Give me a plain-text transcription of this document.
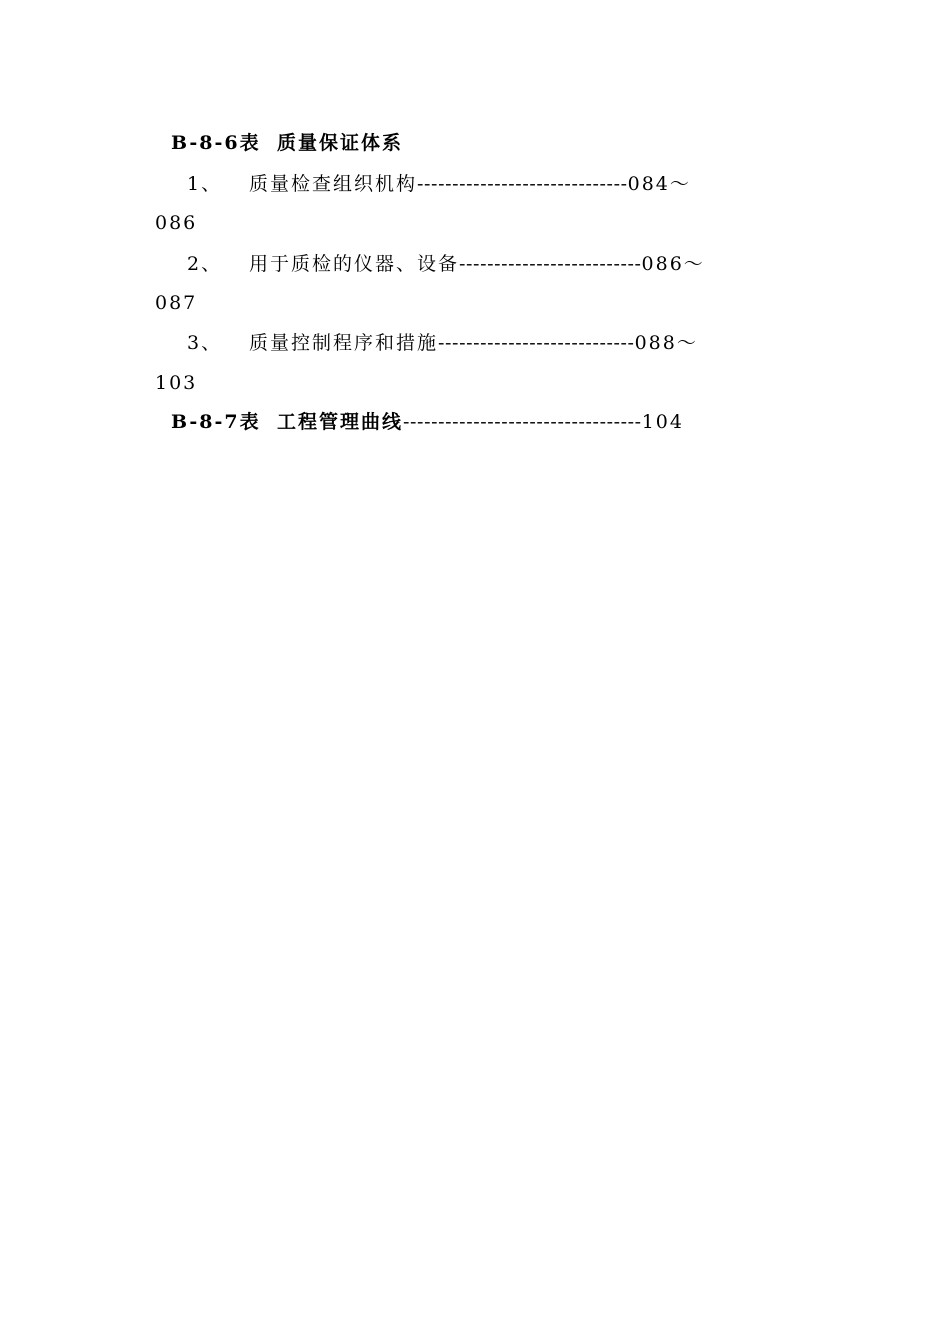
B-8-6表 质量保证体系
1、 质量检查组织机构------------------------------084～
086
2、 用于质检的仪器、设备--------------------------086～
087
3、 质量控制程序和措施----------------------------088～
103
B-8-7表 工程管理曲线----------------------------------104
